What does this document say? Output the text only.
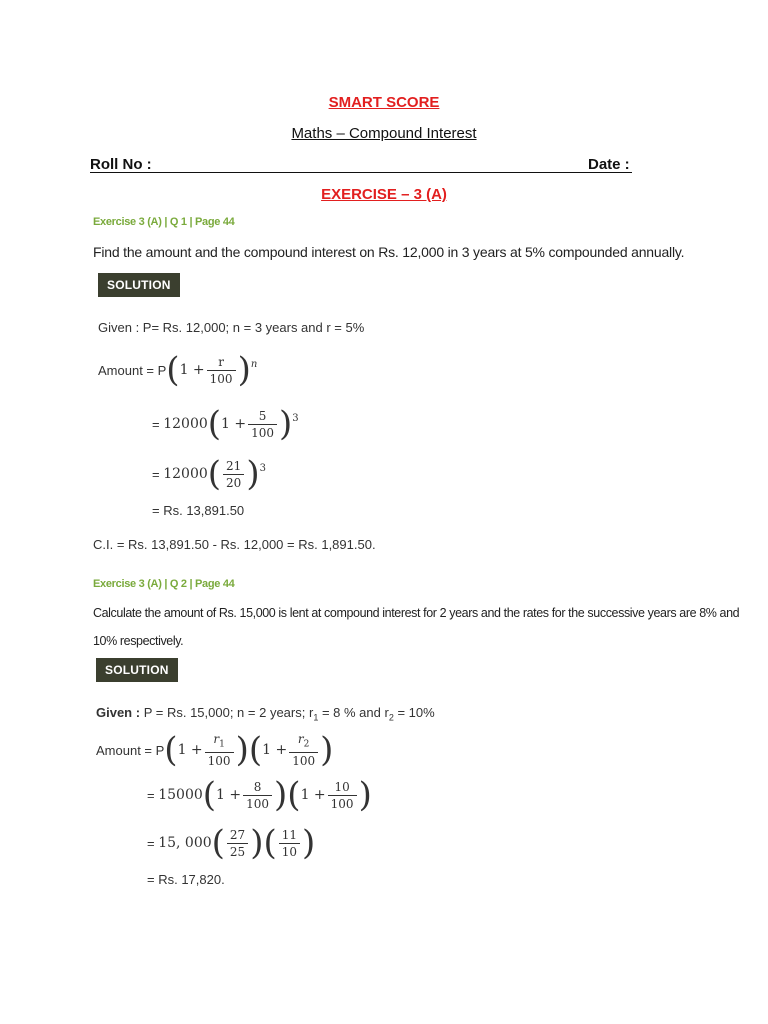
SMART SCORE
Maths – Compound Interest
Roll No :	Date :
EXERCISE – 3 (A)
Exercise 3 (A) | Q 1 | Page 44
Find the amount and the compound interest on Rs. 12,000 in 3 years at 5% compounded annually.
SOLUTION
Given : P= Rs. 12,000; n = 3 years and r = 5%
Amount = P ( $1 + \frac{r}{100}$ ) n
=
12000 ( $1 + \frac{5}{100}$ ) 3
=
12000 ( $\frac{21}{20}$ ) 3
= Rs. 13,891.50
C.I. = Rs. 13,891.50 - Rs. 12,000 = Rs. 1,891.50.
Exercise 3 (A) | Q 2 | Page 44
Calculate the amount of Rs. 15,000 is lent at compound interest for 2 years and the rates for the successive years are 8% and
10% respectively.
SOLUTION
Given : P = Rs. 15,000; n = 2 years; $r_1 = 8$ % and $r_2 = 10\%$
Amount = P ( $1 + \frac{r_1}{100}$ ) ( $1 + \frac{r_2}{100}$ )
=
15000 ( $1 + \frac{8}{100}$ ) ( $1 + \frac{10}{100}$ )
=
15, 000 ( $\frac{27}{25}$ ) ( $\frac{11}{10}$ )
= Rs. 17,820.
